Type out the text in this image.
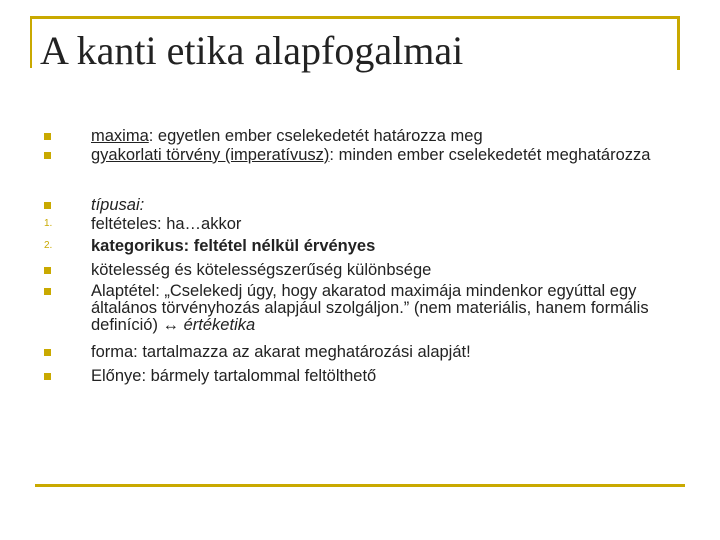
A kanti etika alapfogalmai
maxima: egyetlen ember cselekedetét határozza meg
gyakorlati törvény (imperatívusz): minden ember cselekedetét meghatározza
típusai:
1. feltételes: ha…akkor
2. kategorikus: feltétel nélkül érvényes
kötelesség és kötelességszerűség különbsége
Alaptétel: „Cselekedj úgy, hogy akaratod maximája mindenkor egyúttal egy általános törvényhozás alapjául szolgáljon.” (nem materiális, hanem formális definíció) ↔ értéketika
forma: tartalmazza az akarat meghatározási alapját!
Előnye: bármely tartalommal feltölthető
